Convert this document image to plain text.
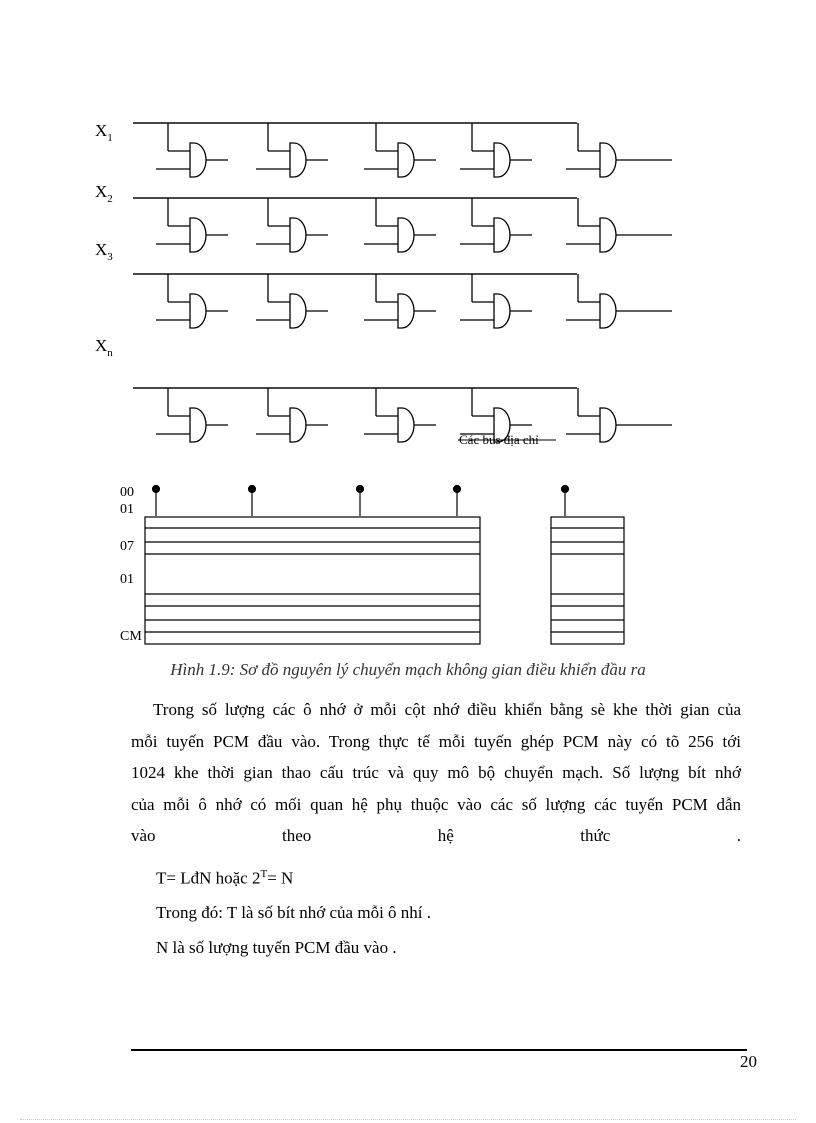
$X_1$
$X_2$
$X_3$
$X_n$
Các bus địa chỉ
00
01
07
01
CM
Hình 1.9: Sơ đồ nguyên lý chuyển mạch không gian điều khiển đầu ra
Trong số lượng các ô nhớ ở mỗi cột nhớ điều khiển bằng sè khe thời gian của
mỗi tuyến PCM đầu vào. Trong thực tế mỗi tuyến ghép PCM này có tõ 256 tới
1024 khe thời gian thao cấu trúc và quy mô bộ chuyển mạch. Số lượng bít nhớ
của mỗi ô nhớ có mối quan hệ phụ thuộc vào các số lượng các tuyến PCM dẫn
vào	theo	hệ	thức	.
T= LđN hoặc $2^T= N$
Trong đó: T là số bít nhớ của mỗi ô nhí .
N là số lượng tuyến PCM đầu vào .
20
